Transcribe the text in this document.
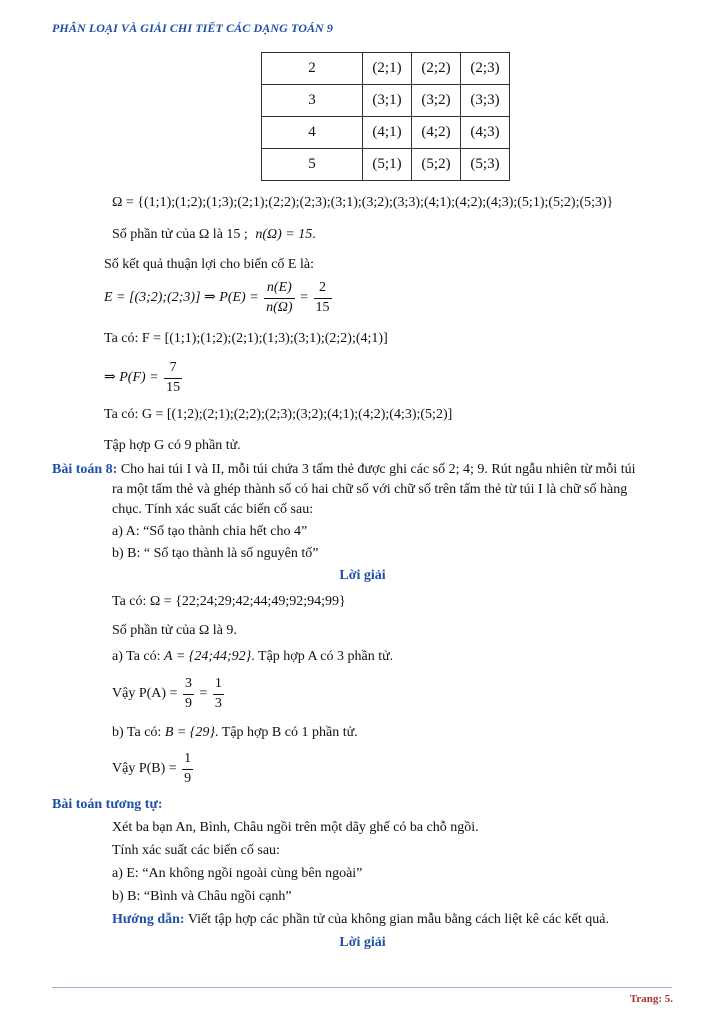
PHÂN LOẠI VÀ GIẢI CHI TIẾT CÁC DẠNG TOÁN 9
2	(2;1)	(2;2)	(2;3)
3	(3;1)	(3;2)	(3;3)
4	(4;1)	(4;2)	(4;3)
5	(5;1)	(5;2)	(5;3)
Ω = {(1;1);(1;2);(1;3);(2;1);(2;2);(2;3);(3;1);(3;2);(3;3);(4;1);(4;2);(4;3);(5;1);(5;2);(5;3)}
Số phần tử của Ω là 15 ; n(Ω) = 15.
Số kết quả thuận lợi cho biến cố E là:
E = [(3;2);(2;3)] ⇒ $P(E) = \frac{n(E)}{n(\Omega)} = \frac{2}{15}$
Ta có: F = [(1;1);(1;2);(2;1);(1;3);(3;1);(2;2);(4;1)]
⇒ $P(F) = \frac{7}{15}$
Ta có: G = [(1;2);(2;1);(2;2);(2;3);(3;2);(4;1);(4;2);(4;3);(5;2)]
Tập hợp G có 9 phần tử.
Bài toán 8: Cho hai túi I và II, mỗi túi chứa 3 tấm thẻ được ghi các số 2; 4; 9. Rút ngẫu nhiên từ mỗi túi
ra một tấm thẻ và ghép thành số có hai chữ số với chữ số trên tấm thẻ từ túi I là chữ số hàng
chục. Tính xác suất các biến cố sau:
a) A: “Số tạo thành chia hết cho 4”
b) B: “ Số tạo thành là số nguyên tố”
Lời giải
Ta có: Ω = {22;24;29;42;44;49;92;94;99}
Số phần tử của Ω là 9.
a) Ta có: A = {24;44;92}. Tập hợp A có 3 phần tử.
Vậy $P(A) = \frac{3}{9} = \frac{1}{3}$
b) Ta có: B = {29}. Tập hợp B có 1 phần tử.
Vậy $P(B) = \frac{1}{9}$
Bài toán tương tự:
Xét ba bạn An, Bình, Châu ngồi trên một dãy ghế có ba chỗ ngồi.
Tính xác suất các biến cố sau:
a) E: “An không ngồi ngoài cùng bên ngoài”
b) B: “Bình và Châu ngồi cạnh”
Hướng dẫn: Viết tập hợp các phần tử của không gian mẫu bằng cách liệt kê các kết quả.
Lời giải
Trang: 5.
